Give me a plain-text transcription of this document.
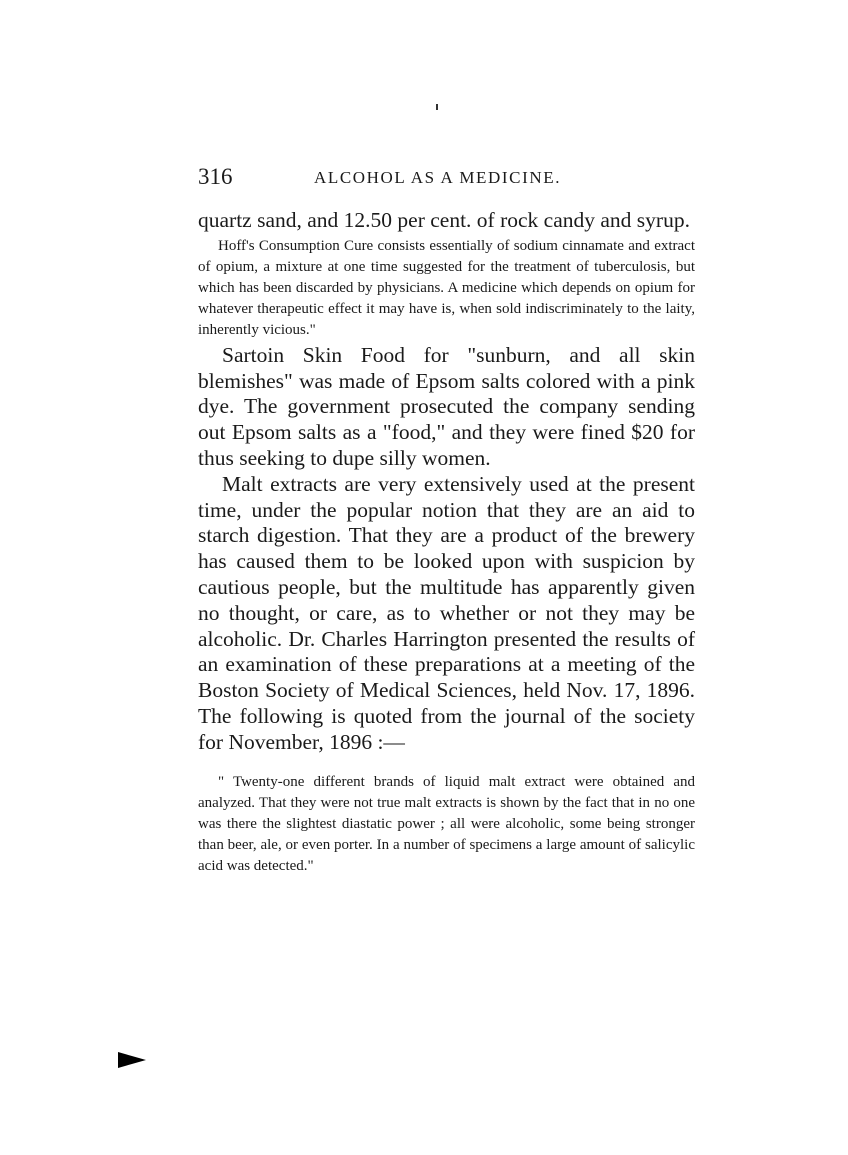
316	ALCOHOL AS A MEDICINE.

quartz sand, and 12.50 per cent. of rock candy and syrup.

Hoff's Consumption Cure consists essentially of sodium cinnamate and extract of opium, a mixture at one time suggested for the treatment of tuberculosis, but which has been discarded by physicians. A medicine which depends on opium for whatever therapeutic effect it may have is, when sold indiscriminately to the laity, inherently vicious."

Sartoin Skin Food for "sunburn, and all skin blemishes" was made of Epsom salts colored with a pink dye. The government prosecuted the company sending out Epsom salts as a "food," and they were fined $20 for thus seeking to dupe silly women.

Malt extracts are very extensively used at the present time, under the popular notion that they are an aid to starch digestion. That they are a product of the brewery has caused them to be looked upon with suspicion by cautious people, but the multitude has apparently given no thought, or care, as to whether or not they may be alcoholic. Dr. Charles Harrington presented the results of an examination of these preparations at a meeting of the Boston Society of Medical Sciences, held Nov. 17, 1896. The following is quoted from the journal of the society for November, 1896 :—

" Twenty-one different brands of liquid malt extract were obtained and analyzed. That they were not true malt extracts is shown by the fact that in no one was there the slightest diastatic power ; all were alcoholic, some being stronger than beer, ale, or even porter. In a number of specimens a large amount of salicylic acid was detected."
